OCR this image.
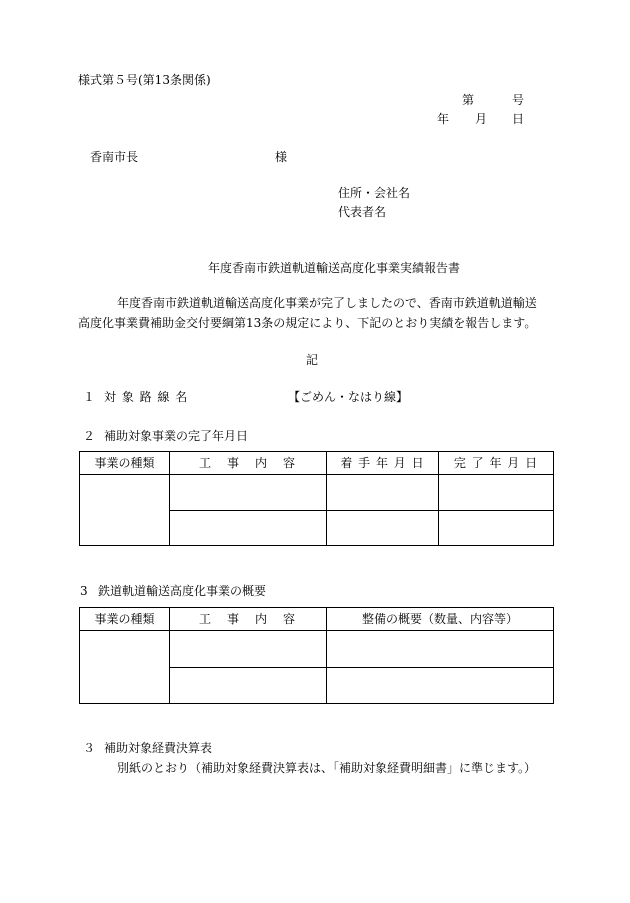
様式第５号(第13条関係)
第	号
年 月 日
香南市長	様
住所・会社名
代表者名
年度香南市鉄道軌道輸送高度化事業実績報告書
年度香南市鉄道軌道輸送高度化事業が完了しましたので、香南市鉄道軌道輸送
高度化事業費補助金交付要綱第13条の規定により、下記のとおり実績を報告します。
記
１ 対 象 路 線 名	【ごめん・なはり線】
２ 補助対象事業の完了年月日
事業の種類	工　事　内　容	着 手 年 月 日	完 了 年 月 日

3 鉄道軌道輸送高度化事業の概要
事業の種類	工　事　内　容	整備の概要（数量、内容等）

３ 補助対象経費決算表
別紙のとおり（補助対象経費決算表は、「補助対象経費明細書」に準じます。）
